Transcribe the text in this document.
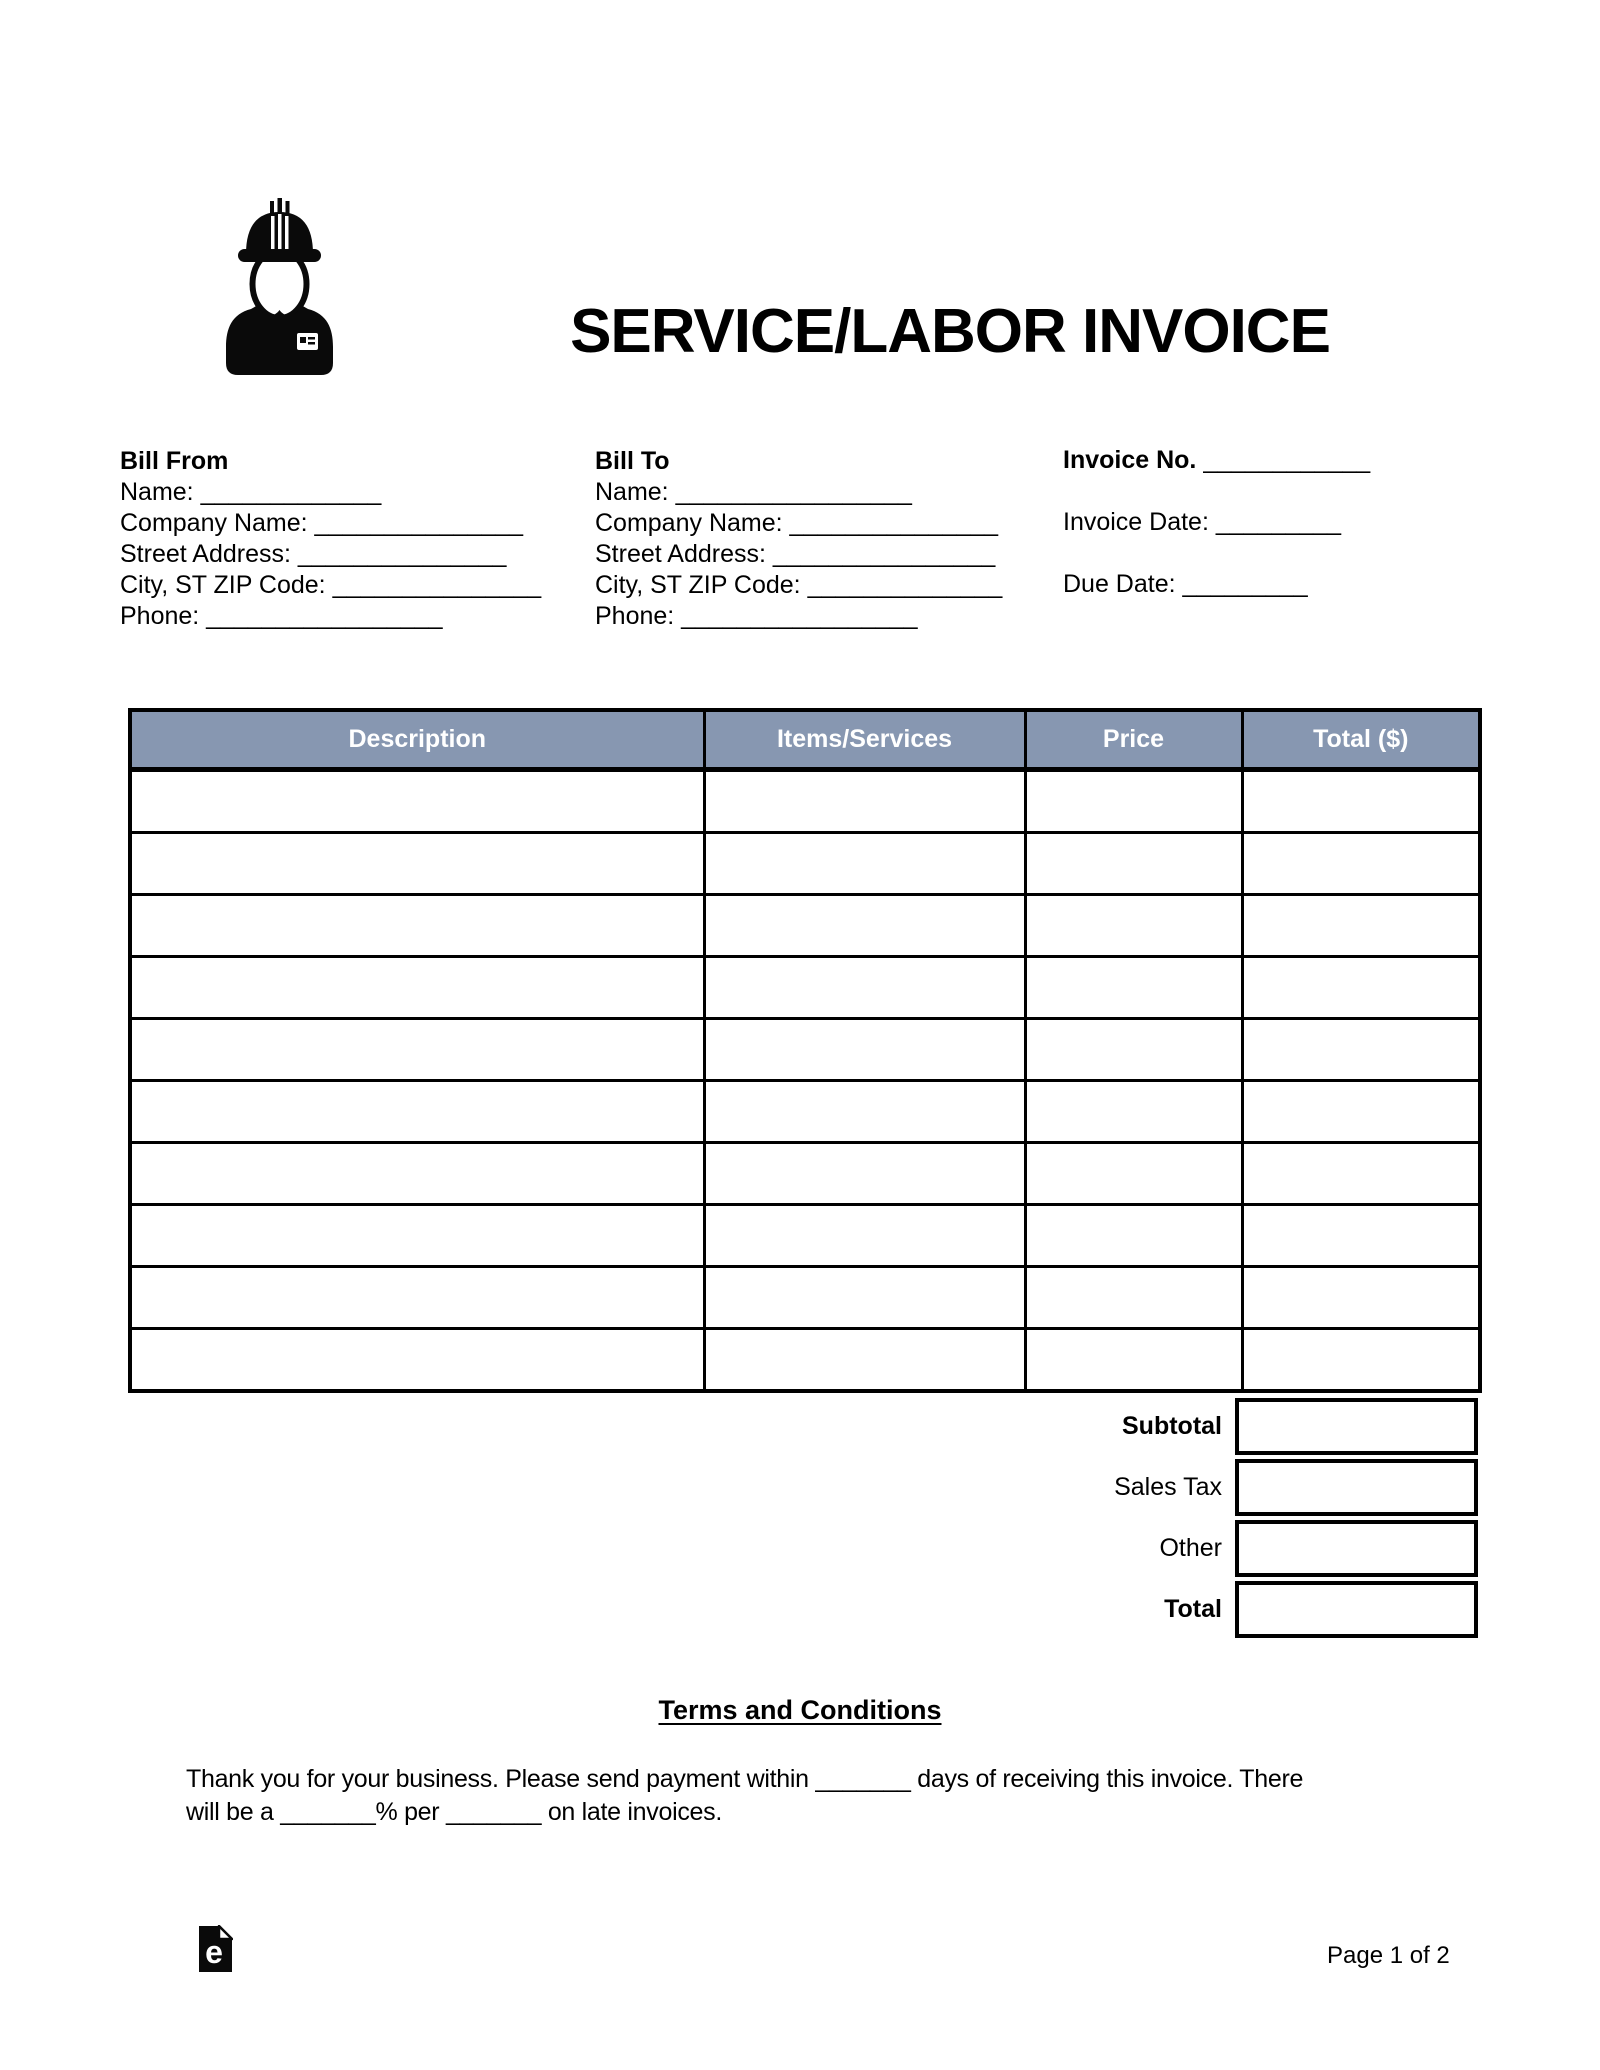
SERVICE/LABOR INVOICE
Bill From
Name: _____________
Company Name: _______________
Street Address: _______________
City, ST ZIP Code: _______________
Phone: _________________
Bill To
Name: _________________
Company Name: _______________
Street Address: ________________
City, ST ZIP Code: ______________
Phone: _________________
Invoice No. ____________
Invoice Date: _________
Due Date: _________
Description	Items/Services	Price	Total ($)

Subtotal
Sales Tax
Other
Total
Terms and Conditions
Thank you for your business. Please send payment within _______ days of receiving this invoice. There
will be a _______% per _______ on late invoices.
e	Page 1 of 2
